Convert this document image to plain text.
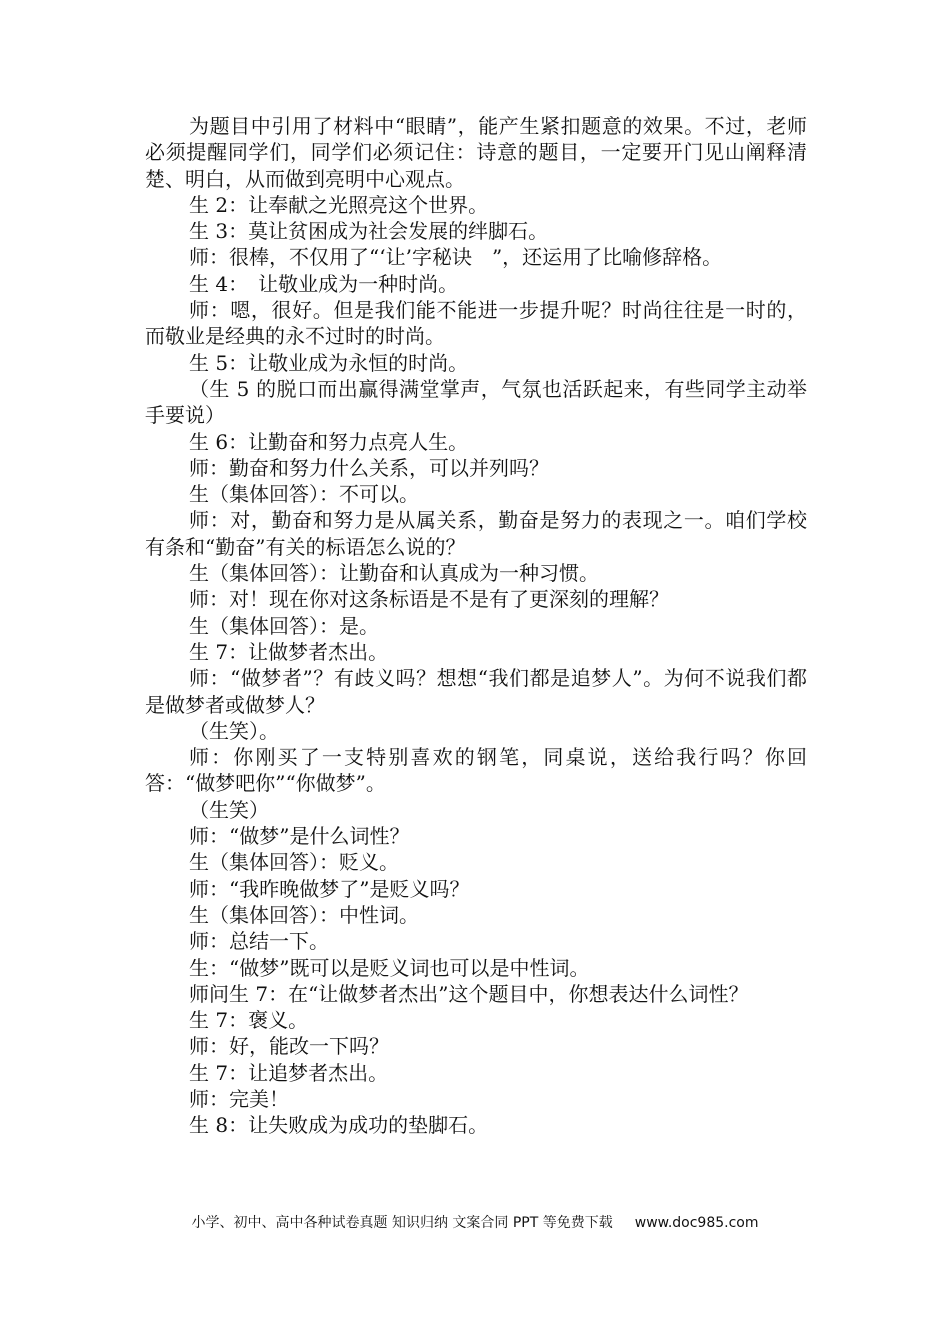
为题目中引用了材料中“眼睛”，能产生紧扣题意的效果。不过，老师必须提醒同学们，同学们必须记住：诗意的题目，一定要开门见山阐释清楚、明白，从而做到亮明中心观点。

生 2：让奉献之光照亮这个世界。

生 3：莫让贫困成为社会发展的绊脚石。

师：很棒，不仅用了“‘让’字秘诀　”，还运用了比喻修辞格。

生 4：　让敬业成为一种时尚。

师：嗯，很好。但是我们能不能进一步提升呢？时尚往往是一时的，而敬业是经典的永不过时的时尚。

生 5：让敬业成为永恒的时尚。

（生 5 的脱口而出赢得满堂掌声，气氛也活跃起来，有些同学主动举手要说）

生 6：让勤奋和努力点亮人生。

师：勤奋和努力什么关系，可以并列吗？

生（集体回答）：不可以。

师：对，勤奋和努力是从属关系，勤奋是努力的表现之一。咱们学校有条和“勤奋”有关的标语怎么说的？

生（集体回答）：让勤奋和认真成为一种习惯。

师：对！现在你对这条标语是不是有了更深刻的理解？

生（集体回答）：是。

生 7：让做梦者杰出。

师：“做梦者”？有歧义吗？想想“我们都是追梦人”。为何不说我们都是做梦者或做梦人？

（生笑）。

师：你刚买了一支特别喜欢的钢笔，同桌说，送给我行吗？你回答：“做梦吧你”“你做梦”。

（生笑）

师：“做梦”是什么词性？

生（集体回答）：贬义。

师：“我昨晚做梦了”是贬义吗？

生（集体回答）：中性词。

师：总结一下。

生：“做梦”既可以是贬义词也可以是中性词。

师问生 7：在“让做梦者杰出”这个题目中，你想表达什么词性？

生 7：褒义。

师：好，能改一下吗？

生 7：让追梦者杰出。

师：完美！

生 8：让失败成为成功的垫脚石。

小学、初中、高中各种试卷真题 知识归纳 文案合同 PPT 等免费下载 www.doc985.com
